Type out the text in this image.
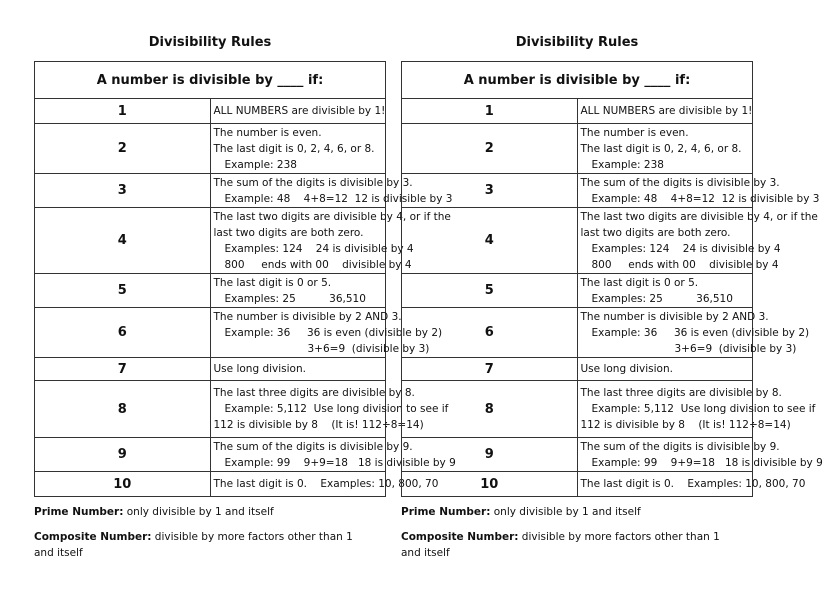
Divisibility Rules
A number is divisible by ____ if:	
1	ALL NUMBERS are divisible by 1!

2	The number is even.
The last digit is 0, 2, 4, 6, or 8.
Example: 238

3	The sum of the digits is divisible by 3.
Example: 48    4+8=12  12 is divisible by 3

4	The last two digits are divisible by 4, or if the
last two digits are both zero.
Examples: 124    24 is divisible by 4
800     ends with 00    divisible by 4

5	The last digit is 0 or 5.
Examples: 25          36,510

6	The number is divisible by 2 AND 3.
Example: 36     36 is even (divisible by 2)
3+6=9  (divisible by 3)

7	Use long division.

8	The last three digits are divisible by 8.
Example: 5,112  Use long division to see if
112 is divisible by 8    (It is! 112÷8=14)

9	The sum of the digits is divisible by 9.
Example: 99    9+9=18   18 is divisible by 9

10	The last digit is 0.    Examples: 10, 800, 70
Prime Number: only divisible by 1 and itself
Composite Number: divisible by more factors other than 1 and itself
Divisibility Rules
A number is divisible by ____ if:	
1	ALL NUMBERS are divisible by 1!

2	The number is even.
The last digit is 0, 2, 4, 6, or 8.
Example: 238

3	The sum of the digits is divisible by 3.
Example: 48    4+8=12  12 is divisible by 3

4	The last two digits are divisible by 4, or if the
last two digits are both zero.
Examples: 124    24 is divisible by 4
800     ends with 00    divisible by 4

5	The last digit is 0 or 5.
Examples: 25          36,510

6	The number is divisible by 2 AND 3.
Example: 36     36 is even (divisible by 2)
3+6=9  (divisible by 3)

7	Use long division.

8	The last three digits are divisible by 8.
Example: 5,112  Use long division to see if
112 is divisible by 8    (It is! 112÷8=14)

9	The sum of the digits is divisible by 9.
Example: 99    9+9=18   18 is divisible by 9

10	The last digit is 0.    Examples: 10, 800, 70
Prime Number: only divisible by 1 and itself
Composite Number: divisible by more factors other than 1 and itself
